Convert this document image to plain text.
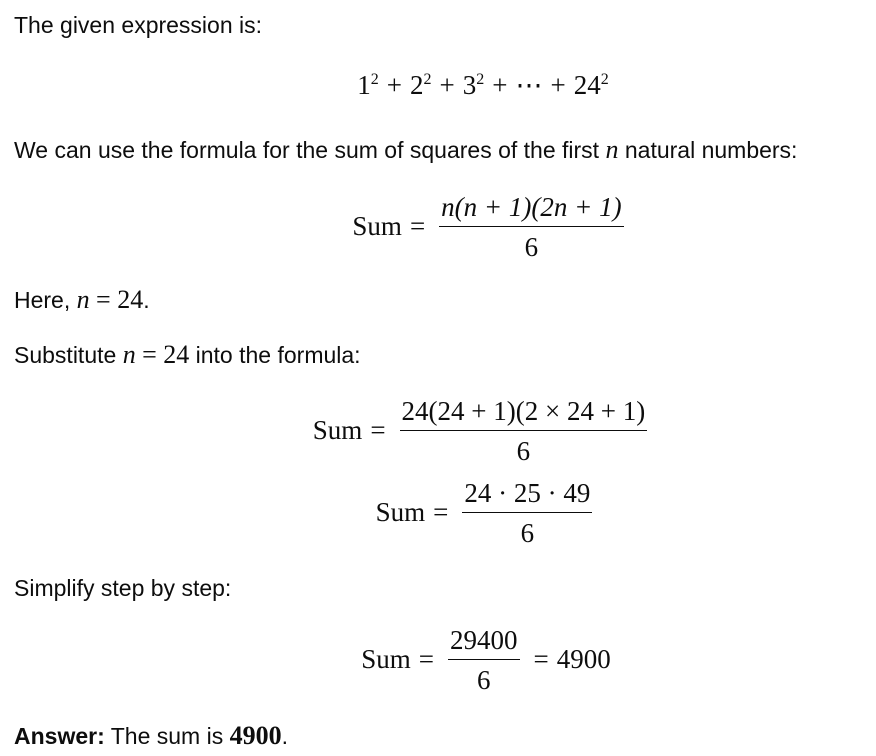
The given expression is:
$1^2 + 2^2 + 3^2$ + ⋯ + $24^2$
We can use the formula for the sum of squares of the first n natural numbers:
Sum = $\frac{n(n + 1)(2n + 1)}{6}$
Here, n = 24.
Substitute n = 24 into the formula:
Sum = $\frac{24(24 + 1)(2 \times 24 + 1)}{6}$
Sum = $\frac{24 \cdot 25 \cdot 49}{6}$
Simplify step by step:
Sum = $\frac{29400}{6} = 4900$
Answer: The sum is 4900.
